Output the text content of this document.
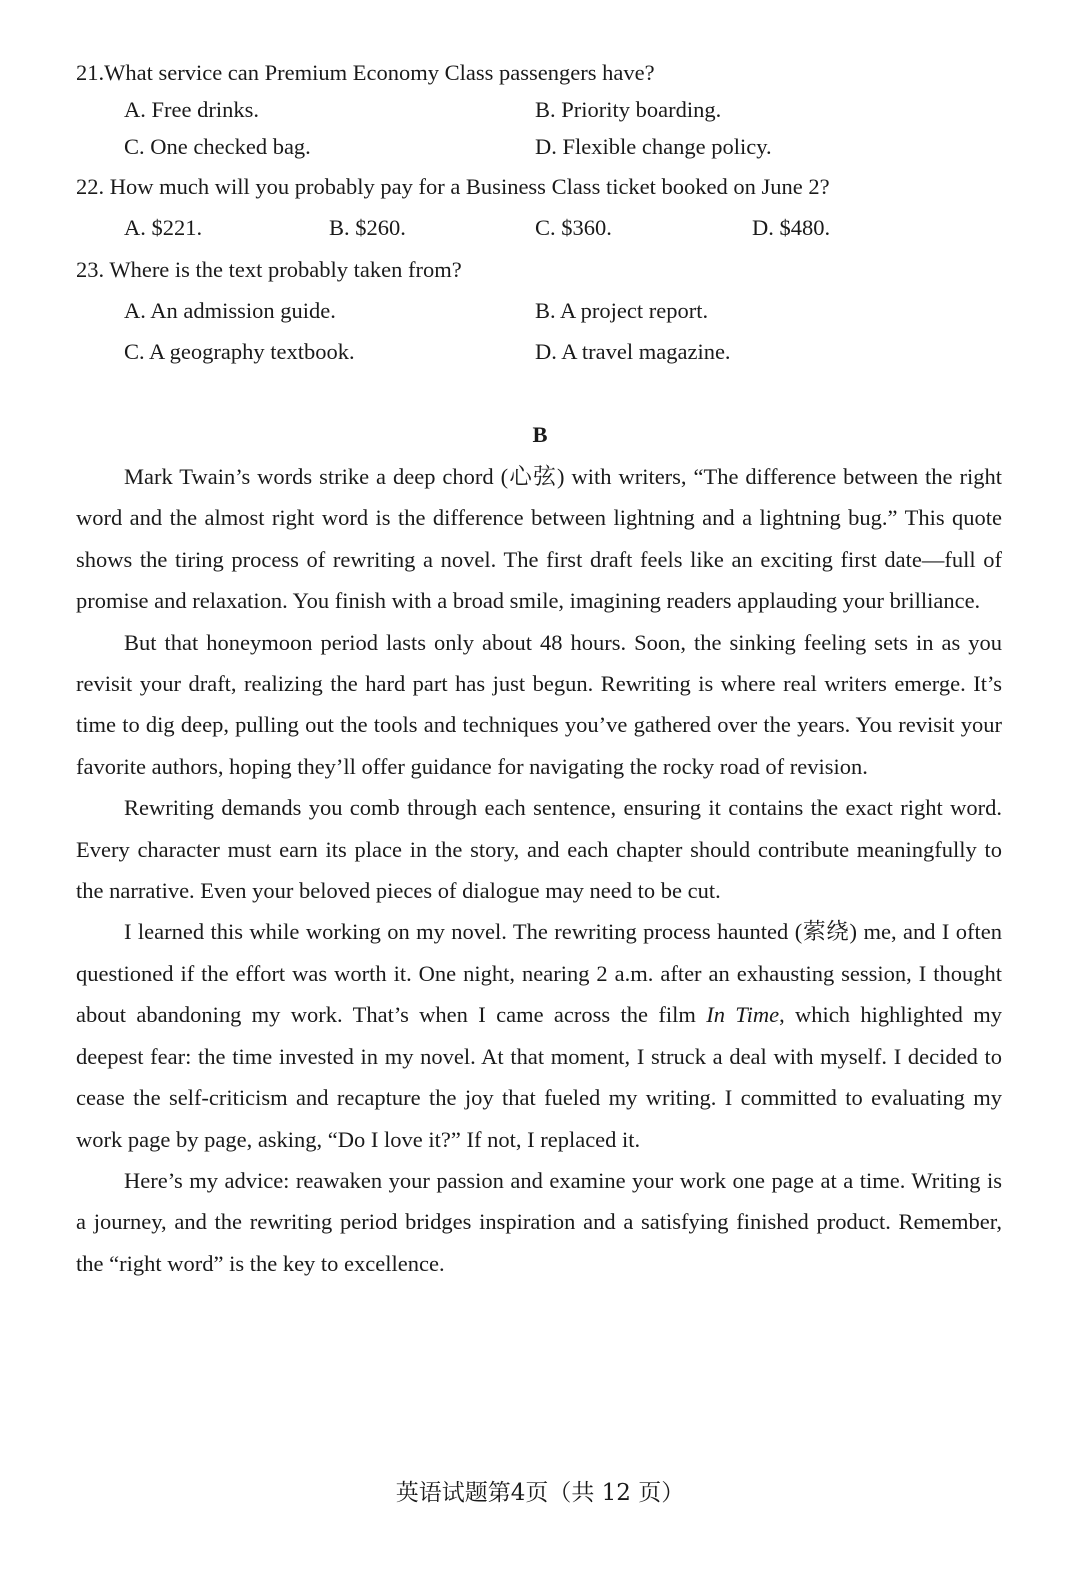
21.What service can Premium Economy Class passengers have?
A. Free drinks.	B. Priority boarding.
C. One checked bag.	D. Flexible change policy.
22. How much will you probably pay for a Business Class ticket booked on June 2?
A. $221.	B. $260.	C. $360.	D. $480.
23. Where is the text probably taken from?
A. An admission guide.	B. A project report.
C. A geography textbook.	D. A travel magazine.
B

Mark Twain’s words strike a deep chord (心弦) with writers, “The difference between the right word and the almost right word is the difference between lightning and a lightning bug.” This quote shows the tiring process of rewriting a novel. The first draft feels like an exciting first date—full of promise and relaxation. You finish with a broad smile, imagining readers applauding your brilliance.

But that honeymoon period lasts only about 48 hours. Soon, the sinking feeling sets in as you revisit your draft, realizing the hard part has just begun. Rewriting is where real writers emerge. It’s time to dig deep, pulling out the tools and techniques you’ve gathered over the years. You revisit your favorite authors, hoping they’ll offer guidance for navigating the rocky road of revision.

Rewriting demands you comb through each sentence, ensuring it contains the exact right word. Every character must earn its place in the story, and each chapter should contribute meaningfully to the narrative. Even your beloved pieces of dialogue may need to be cut.

I learned this while working on my novel. The rewriting process haunted (萦绕) me, and I often questioned if the effort was worth it. One night, nearing 2 a.m. after an exhausting session, I thought about abandoning my work. That’s when I came across the film In Time, which highlighted my deepest fear: the time invested in my novel. At that moment, I struck a deal with myself. I decided to cease the self-criticism and recapture the joy that fueled my writing. I committed to evaluating my work page by page, asking, “Do I love it?” If not, I replaced it.

Here’s my advice: reawaken your passion and examine your work one page at a time. Writing is a journey, and the rewriting period bridges inspiration and a satisfying finished product. Remember, the “right word” is the key to excellence.

英语试题第4页（共 12 页）
